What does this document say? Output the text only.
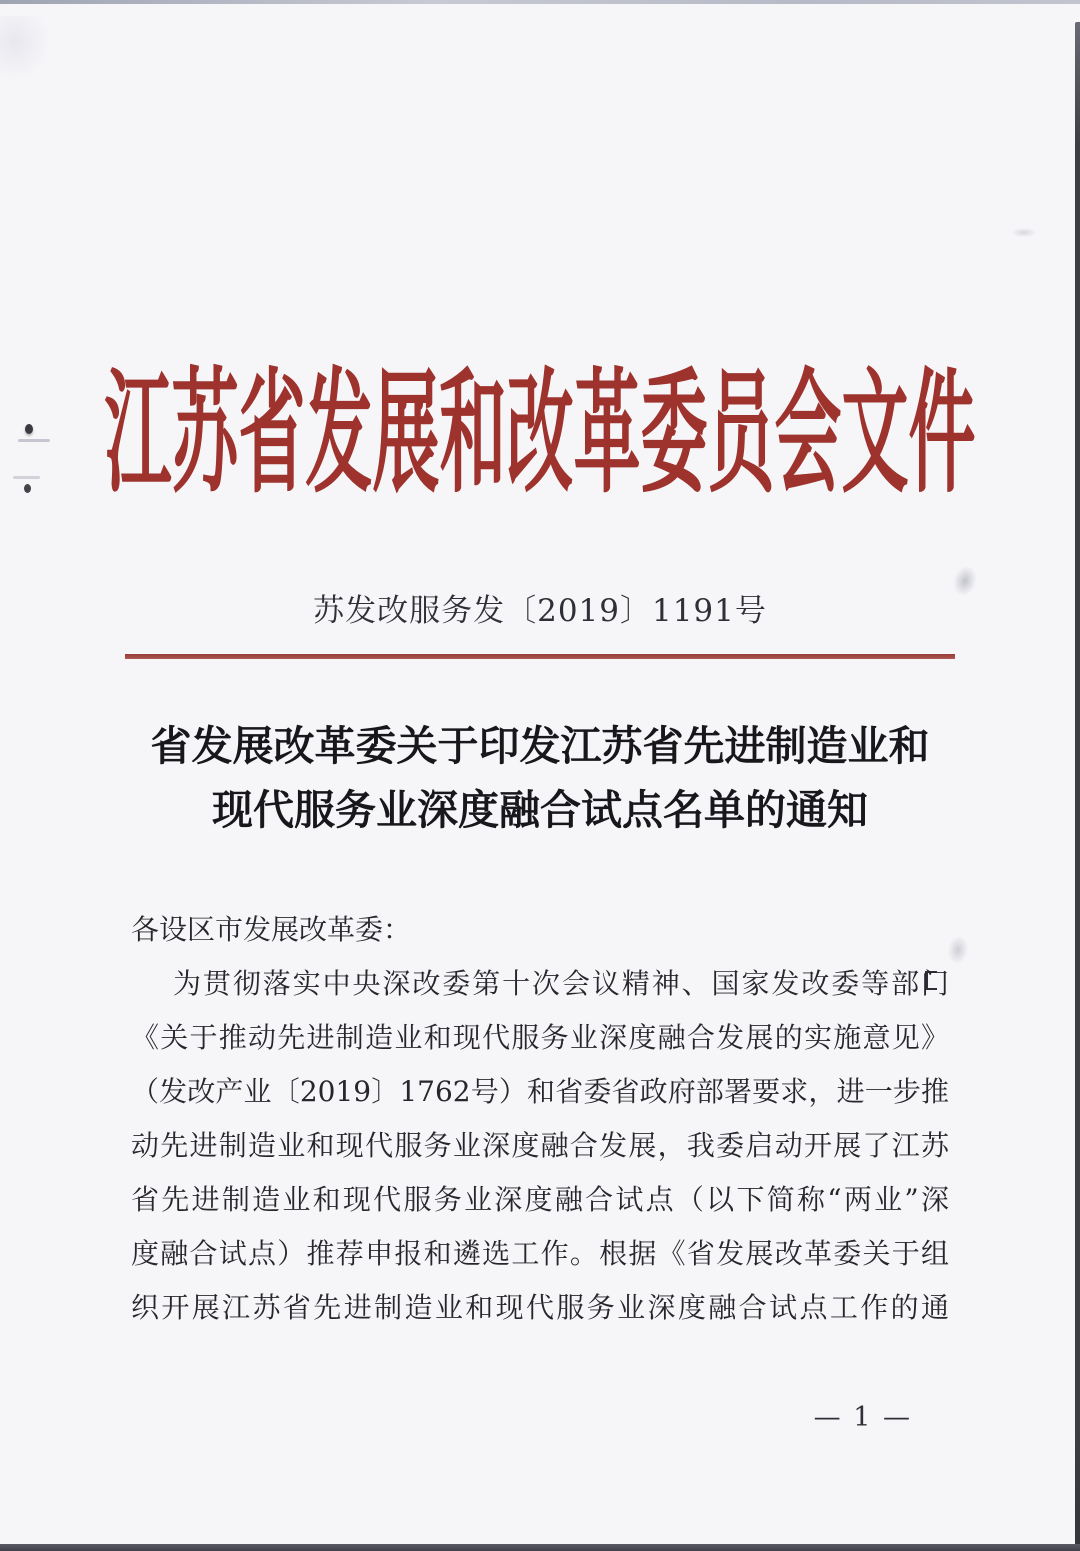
江苏省发展和改革委员会文件
苏发改服务发〔2019〕1191号
省发展改革委关于印发江苏省先进制造业和
现代服务业深度融合试点名单的通知
各设区市发展改革委：
为贯彻落实中央深改委第十次会议精神、国家发改委等部门
《关于推动先进制造业和现代服务业深度融合发展的实施意见》
（发改产业〔2019〕1762号）和省委省政府部署要求，进一步推
动先进制造业和现代服务业深度融合发展，我委启动开展了江苏
省先进制造业和现代服务业深度融合试点（以下简称“两业”深
度融合试点）推荐申报和遴选工作。根据《省发展改革委关于组
织开展江苏省先进制造业和现代服务业深度融合试点工作的通
— 1 —
